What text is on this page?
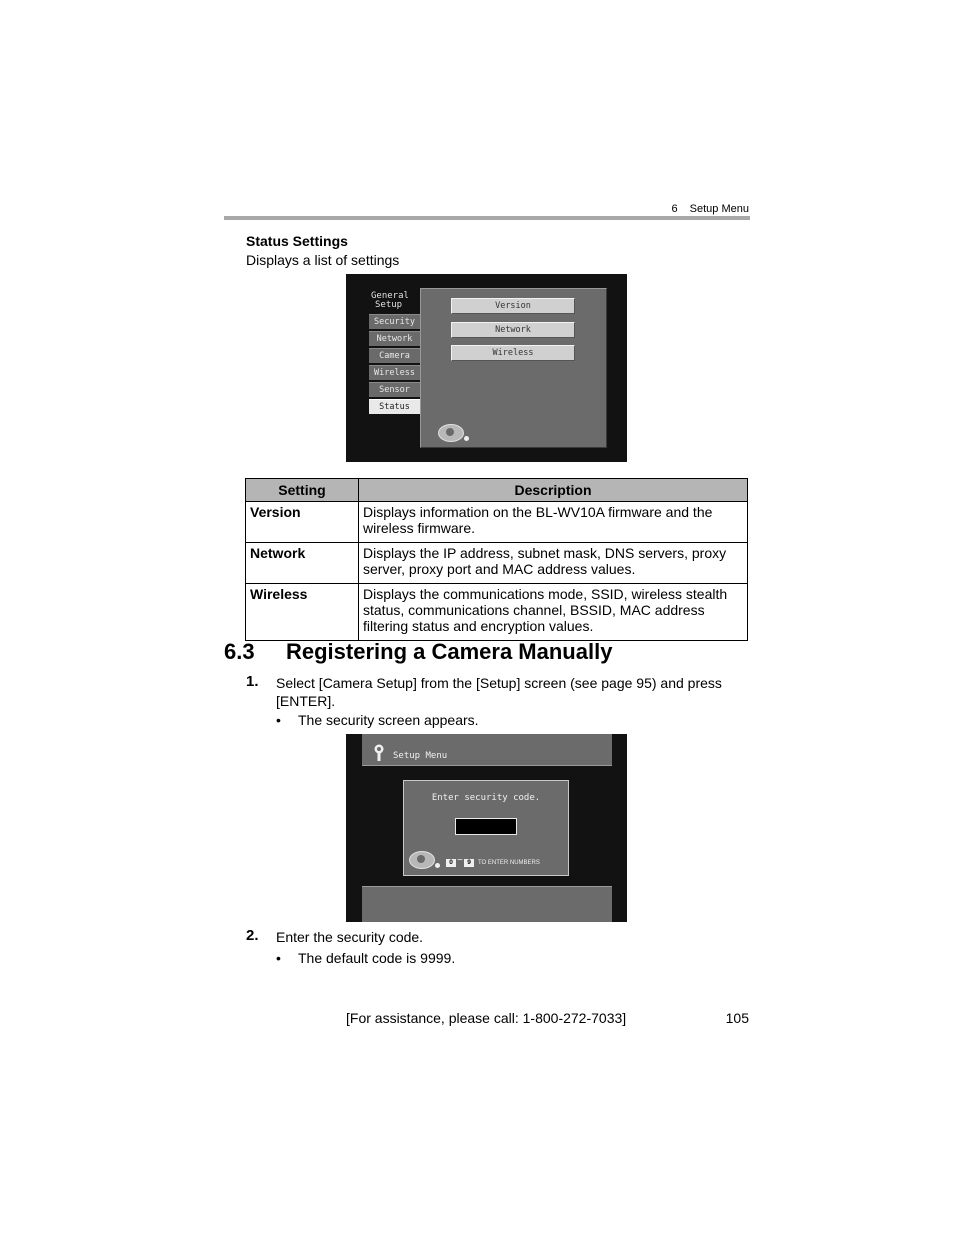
6 Setup Menu
Status Settings
Displays a list of settings
General
Setup
Security
Network
Camera
Wireless
Sensor
Status
Version
Network
Wireless
Setting	Description
Version	Displays information on the BL-WV10A firmware and the wireless firmware.
Network	Displays the IP address, subnet mask, DNS servers, proxy server, proxy port and MAC address values.
Wireless	Displays the communications mode, SSID, wireless stealth status, communications channel, BSSID, MAC address filtering status and encryption values.
6.3 Registering a Camera Manually
1. Select [Camera Setup] from the [Setup] screen (see page 95) and press [ENTER].
• The security screen appears.
Setup Menu
Enter security code.
0 ~ 9	TO ENTER NUMBERS
2. Enter the security code.
• The default code is 9999.
[For assistance, please call: 1-800-272-7033]	105
